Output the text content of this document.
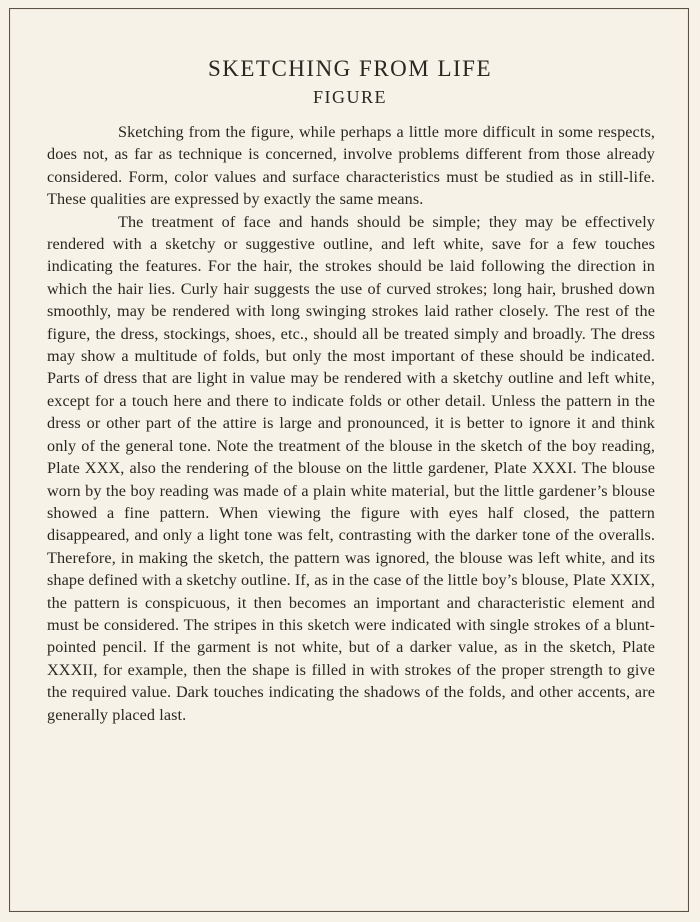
SKETCHING FROM LIFE
FIGURE

Sketching from the figure, while perhaps a little more difficult in some respects, does not, as far as technique is concerned, involve problems different from those already considered. Form, color values and surface characteristics must be studied as in still-life. These qualities are expressed by exactly the same means.

The treatment of face and hands should be simple; they may be effectively rendered with a sketchy or suggestive outline, and left white, save for a few touches indicating the features. For the hair, the strokes should be laid following the direction in which the hair lies. Curly hair suggests the use of curved strokes; long hair, brushed down smoothly, may be rendered with long swinging strokes laid rather closely. The rest of the figure, the dress, stockings, shoes, etc., should all be treated simply and broadly. The dress may show a multitude of folds, but only the most important of these should be indicated. Parts of dress that are light in value may be rendered with a sketchy outline and left white, except for a touch here and there to indicate folds or other detail. Unless the pattern in the dress or other part of the attire is large and pronounced, it is better to ignore it and think only of the general tone. Note the treatment of the blouse in the sketch of the boy reading, Plate XXX, also the rendering of the blouse on the little gardener, Plate XXXI. The blouse worn by the boy reading was made of a plain white material, but the little gardener’s blouse showed a fine pattern. When viewing the figure with eyes half closed, the pattern disappeared, and only a light tone was felt, contrasting with the darker tone of the overalls. Therefore, in making the sketch, the pattern was ignored, the blouse was left white, and its shape defined with a sketchy outline. If, as in the case of the little boy’s blouse, Plate XXIX, the pattern is conspicuous, it then becomes an important and characteristic element and must be considered. The stripes in this sketch were indicated with single strokes of a blunt-pointed pencil. If the garment is not white, but of a darker value, as in the sketch, Plate XXXII, for example, then the shape is filled in with strokes of the proper strength to give the required value. Dark touches indicating the shadows of the folds, and other accents, are generally placed last.
